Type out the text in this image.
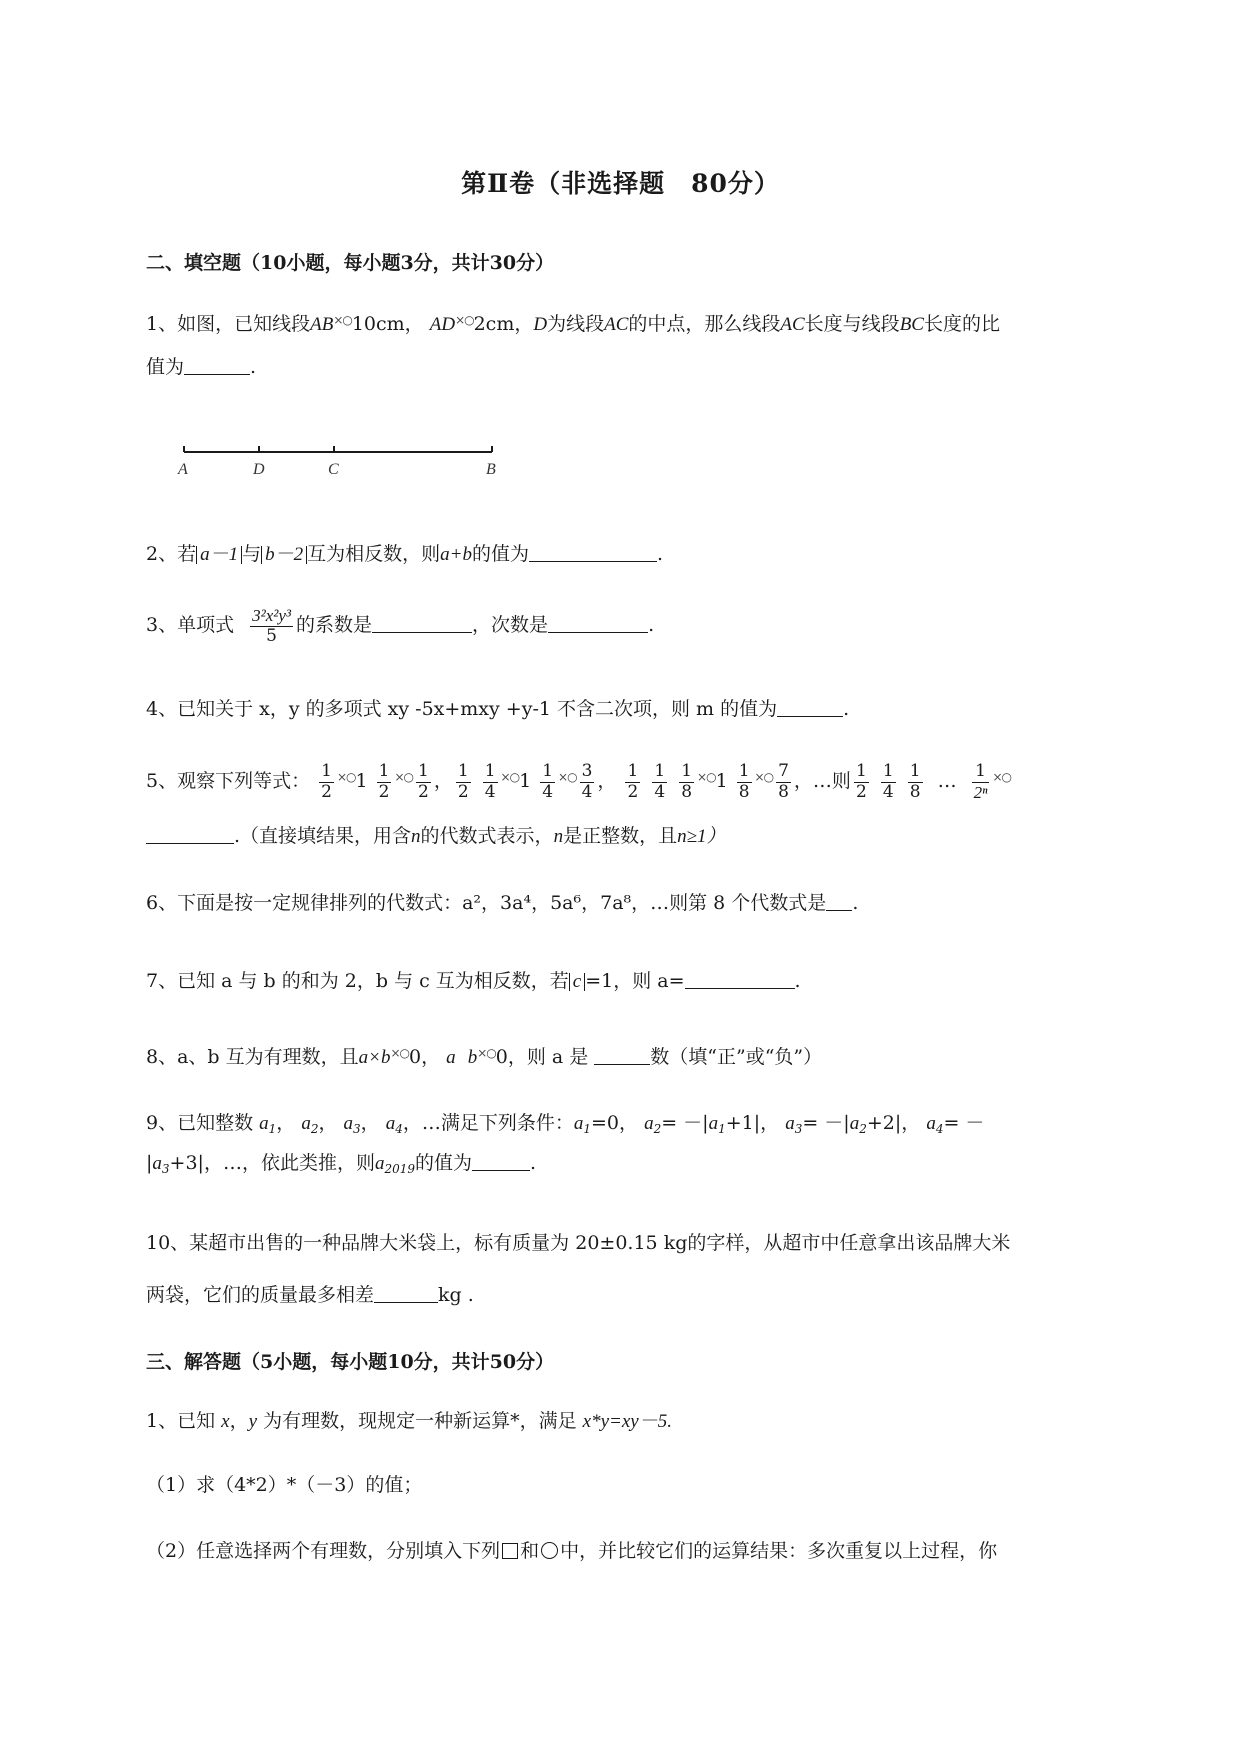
第Ⅱ卷（非选择题　80分）
二、填空题（10小题，每小题3分，共计30分）
1、如图，已知线段AB×○10cm， AD×○2cm，D为线段AC的中点，那么线段AC长度与线段BC长度的比
值为	.
A	D	C	B
2、若 a－1 与 b－2 互为相反数，则a+b的值为	.
3、单项式 $\frac{\text{3²x²y³}}{5}$ 的系数是	，次数是	.
4、已知关于 x，y 的多项式 xy -5x+mxy +y-1 不含二次项，则 m 的值为	.
5、观察下列等式： $\frac{1}{2} ^{\times○}1 \frac{1}{2} ^{\times○} \frac{1}{2}$ ， $\frac{1}{2}$
$\frac{1}{4} ^{\times○}1 \frac{1}{4} ^{\times○} \frac{3}{4}$ ， $\frac{1}{2}$
$\frac{1}{4}$
$\frac{1}{8} ^{\times○}1 \frac{1}{8} ^{\times○} \frac{7}{8}$ ，…则 $\frac{1}{2}$
$\frac{1}{4}$
$\frac{1}{8}$ … $\frac{1}{\text{2ⁿ}} ^{\times○}$
.（直接填结果，用含n的代数式表示，n是正整数，且n≥1）
6、下面是按一定规律排列的代数式：a²，3a⁴，5a⁶，7a⁸，…则第 8 个代数式是 .
7、已知 a 与 b 的和为 2，b 与 c 互为相反数，若 c =1，则 a=	.
8、a、b 互为有理数，且a×b×○0， a b×○0，则 a 是	数（填“正”或“负”）
9、已知整数 $a_1$， $a_2$， $a_3$， $a_4$，…满足下列条件：$a_1=0$， $a_2= -|a_1+1|$， $a_3= -|a_2+2|$， $a_4=$ －
$|a_3+3|$，…，依此类推，则$a_{2019}$的值为	.
10、某超市出售的一种品牌大米袋上，标有质量为 20±0.15 kg的字样，从超市中任意拿出该品牌大米
两袋，它们的质量最多相差	kg .
三、解答题（5小题，每小题10分，共计50分）
1、已知 x，y 为有理数，现规定一种新运算*，满足 x*y=xy－5.
（1）求（4*2）*（－3）的值；
（2）任意选择两个有理数，分别填入下列 和 中，并比较它们的运算结果：多次重复以上过程，你
